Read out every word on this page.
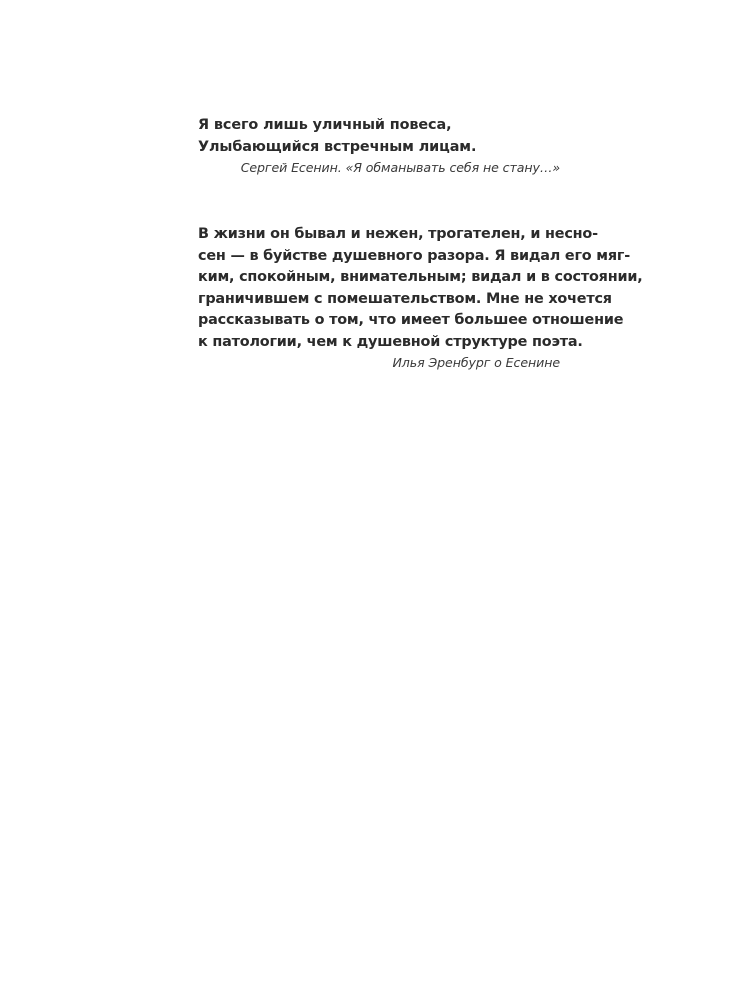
Я всего лишь уличный повеса,
Улыбающийся встречным лицам.
Сергей Есенин. «Я обманывать себя не стану…»
В жизни он бывал и нежен, трогателен, и несно-
сен — в буйстве душевного разора. Я видал его мяг-
ким, спокойным, внимательным; видал и в состоянии,
граничившем с помешательством. Мне не хочется
рассказывать о том, что имеет большее отношение
к патологии, чем к душевной структуре поэта.
Илья Эренбург о Есенине
